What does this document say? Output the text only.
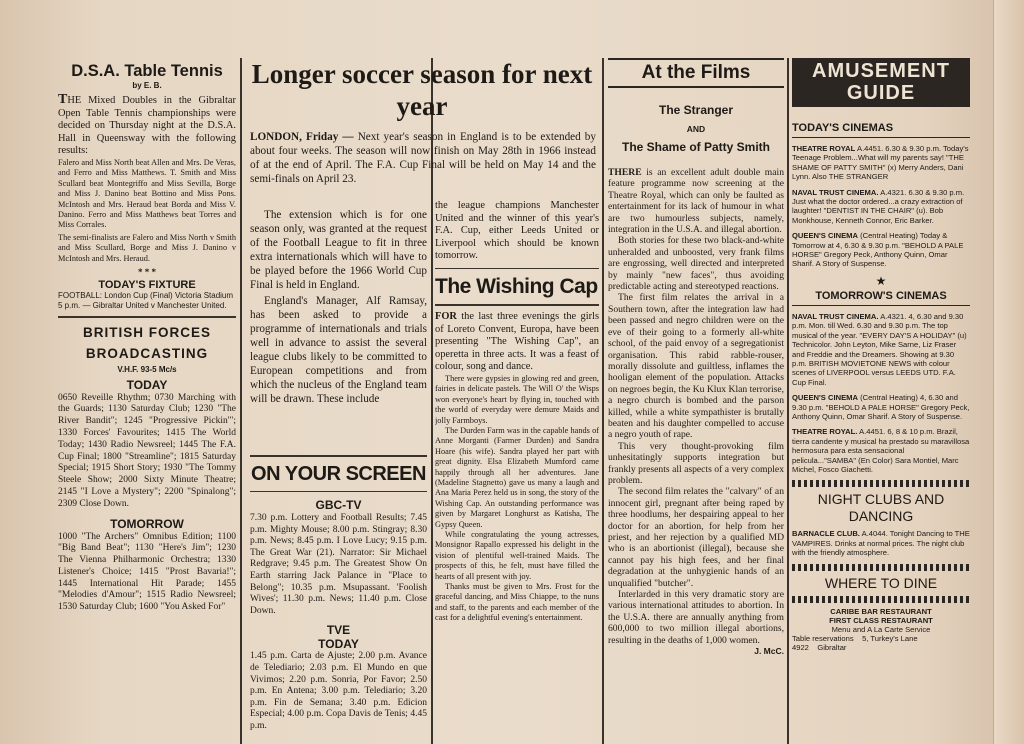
D.S.A. Table Tennis
by E. B.

THE Mixed Doubles in the Gibraltar Open Table Tennis championships were decided on Thursday night at the D.S.A. Hall in Queensway with the following results:

Falero and Miss North beat Allen and Mrs. De Veras, and Ferro and Miss Matthews. T. Smith and Miss Scullard beat Montegriffo and Miss Sevilla, Borge and Miss J. Danino beat Bottino and Miss Pons. McIntosh and Mrs. Heraud beat Borda and Miss V. Danino. Ferro and Miss Matthews beat Torres and Miss Corrales.

The semi-finalists are Falero and Miss North v Smith and Miss Scullard, Borge and Miss J. Danino v McIntosh and Mrs. Heraud.

* * *
TODAY'S FIXTURE

FOOTBALL: London Cup (Final) Victoria Stadium 5 p.m. — Gibraltar United v Manchester United.

BRITISH FORCES
BROADCASTING
V.H.F. 93-5 Mc/s
TODAY

0650 Reveille Rhythm; 0730 Marching with the Guards; 1130 Saturday Club; 1230 "The River Bandit"; 1245 "Progressive Pickin'"; 1330 Forces' Favourites; 1415 The World Today; 1430 Radio Newsreel; 1445 The F.A. Cup Final; 1800 "Streamline"; 1815 Saturday Special; 1915 Short Story; 1930 "The Tommy Steele Show; 2000 Sixty Minute Theatre; 2145 "I Love a Mystery"; 2200 "Spinalong"; 2309 Close Down.

TOMORROW

1000 "The Archers" Omnibus Edition; 1100 "Big Band Beat"; 1130 "Here's Jim"; 1230 The Vienna Philharmonic Orchestra; 1330 Listener's Choice; 1415 "Prost Bavaria!"; 1445 International Hit Parade; 1455 "Melodies d'Amour"; 1515 Radio Newsreel; 1530 Saturday Club; 1600 "You Asked For"

Longer soccer season for next year

LONDON, Friday — Next year's season in England is to be extended by about four weeks. The season will now finish on May 28th in 1966 instead of at the end of April. The F.A. Cup Final will be held on May 14 and the semi-finals on April 23.

The extension which is for one season only, was granted at the request of the Football League to fit in three extra internationals which will have to be played before the 1966 World Cup Final is held in England.

England's Manager, Alf Ramsay, has been asked to provide a programme of internationals and trials well in advance to assist the several league clubs likely to be committed to European competitions and from which the nucleus of the England team will be drawn. These include

ON YOUR SCREEN
GBC-TV

7.30 p.m. Lottery and Football Results; 7.45 p.m. Mighty Mouse; 8.00 p.m. Stingray; 8.30 p.m. News; 8.45 p.m. I Love Lucy; 9.15 p.m. The Great War (21). Narrator: Sir Michael Redgrave; 9.45 p.m. The Greatest Show On Earth starring Jack Palance in "Place to Belong"; 10.35 p.m. Msupassant. 'Foolish Wives'; 11.30 p.m. News; 11.40 p.m. Close Down.

TVE
TODAY

1.45 p.m. Carta de Ajuste; 2.00 p.m. Avance de Telediario; 2.03 p.m. El Mundo en que Vivimos; 2.20 p.m. Sonria, Por Favor; 2.50 p.m. En Antena; 3.00 p.m. Telediario; 3.20 p.m. Fin de Semana; 3.40 p.m. Edicion Especial; 4.00 p.m. Copa Davis de Tenis; 4.45 p.m.

the league champions Manchester United and the winner of this year's F.A. Cup, either Leeds United or Liverpool which should be known tomorrow.

The Wishing Cap

FOR the last three evenings the girls of Loreto Convent, Europa, have been presenting "The Wishing Cap", an operetta in three acts. It was a feast of colour, song and dance.

There were gypsies in glowing red and green, fairies in delicate pastels. The Will O' the Wisps won everyone's heart by flying in, touched with the world of everyday were demure Maids and jolly Farmboys.

The Durden Farm was in the capable hands of Anne Morganti (Farmer Durden) and Sandra Hoare (his wife). Sandra played her part with great dignity. Elsa Elizabeth Mumford came happily through all her adventures. Jane (Madeline Stagnetto) gave us many a laugh and Ana Maria Perez held us in song, the story of the Wishing Cap. An outstanding performance was given by Margaret Longhurst as Katisha, The Gypsy Queen.

While congratulating the young actresses, Monsignor Rapallo expressed his delight in the vision of plentiful well-trained Maids. The prospects of this, he felt, must have filled the hearts of all present with joy.

Thanks must be given to Mrs. Frost for the graceful dancing, and Miss Chiappe, to the nuns and staff, to the parents and each member of the cast for a delightful evening's entertainment.

At the Films
The Stranger
AND
The Shame of Patty Smith

THERE is an excellent adult double main feature programme now screening at the Theatre Royal, which can only be faulted as entertainment for its lack of humour in what are two humourless subjects, namely, integration in the U.S.A. and illegal abortion.

Both stories for these two black-and-white unheralded and unboosted, very frank films are engrossing, well directed and interpreted by mainly "new faces", thus avoiding predictable acting and stereotyped reactions.

The first film relates the arrival in a Southern town, after the integration law had been passed and negro children were on the eve of their going to a formerly all-white school, of the paid envoy of a segregationist organisation. This rabid rabble-rouser, morally dissolute and guiltless, inflames the hooligan element of the population. Attacks on negroes begin, the Ku Klux Klan terrorise, a negro church is bombed and the parson killed, while a white sympathister is brutally beaten and his daughter compelled to accuse a negro youth of rape.

This very thought-provoking film unhesitatingly supports integration but frankly presents all aspects of a very complex problem.

The second film relates the "calvary" of an innocent girl, pregnant after being raped by three hoodlums, her despairing appeal to her doctor for an abortion, for help from her priest, and her rejection by a qualified MD who is an abortionist (illegal), because she cannot pay his high fees, and her final degradation at the unhygienic hands of an unqualified "butcher".

Interlarded in this very dramatic story are various international attitudes to abortion. In the U.S.A. there are annually anything from 600,000 to two million illegal abortions, resulting in the deaths of 1,000 women.

J. McC.
AMUSEMENT
GUIDE
TODAY'S CINEMAS
THEATRE ROYAL A.4451. 6.30 & 9.30 p.m. Today's Teenage Problem...What will my parents say! "THE SHAME OF PATTY SMITH" (x) Merry Anders, Dani Lynn. Also THE STRANGER
NAVAL TRUST CINEMA. A.4321. 6.30 & 9.30 p.m. Just what the doctor ordered...a crazy extraction of laughter! "DENTIST IN THE CHAIR" (u). Bob Monkhouse, Kenneth Connor, Eric Barker.
QUEEN'S CINEMA (Central Heating) Today & Tomorrow at 4, 6.30 & 9.30 p.m. "BEHOLD A PALE HORSE" Gregory Peck, Anthony Quinn, Omar Sharif. A Story of Suspense.
★
TOMORROW'S CINEMAS
NAVAL TRUST CINEMA. A.4321. 4, 6.30 and 9.30 p.m. Mon. till Wed. 6.30 and 9.30 p.m. The top musical of the year. "EVERY DAY'S A HOLIDAY" (u) Technicolor. John Leyton, Mike Sarne, Liz Fraser and Freddie and the Dreamers. Showing at 9.30 p.m. BRITISH MOVIETONE NEWS with colour scenes of LIVERPOOL versus LEEDS UTD. F.A. Cup Final.
QUEEN'S CINEMA (Central Heating) 4, 6.30 and 9.30 p.m. "BEHOLD A PALE HORSE" Gregory Peck, Anthony Quinn, Omar Sharif. A Story of Suspense.
THEATRE ROYAL. A.4451. 6, 8 & 10 p.m. Brazil, tierra candente y musical ha prestado su maravillosa hermosura para esta sensacional pelicula..."SAMBA" (En Color) Sara Montiel, Marc Michel, Fosco Giachetti.
NIGHT CLUBS AND
DANCING
BARNACLE CLUB. A.4044. Tonight Dancing to THE VAMPIRES. Drinks at normal prices. The night club with the friendly atmosphere.
WHERE TO DINE
CARIBE BAR RESTAURANT
FIRST CLASS RESTAURANT
Menu and A La Carte Service
Table reservations    5, Turkey's Lane
4922    Gibraltar
